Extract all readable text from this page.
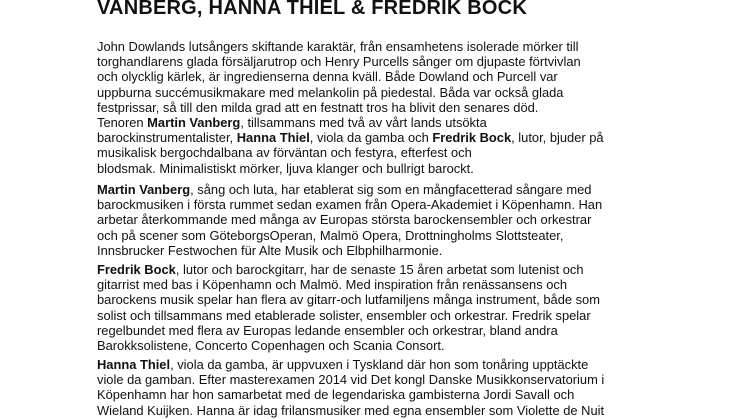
VANBERG, HANNA THIEL & FREDRIK BOCK

John Dowlands lutsångers skiftande karaktär, från ensamhetens isolerade mörker till
torghandlarens glada försäljarutrop och Henry Purcells sånger om djupaste förtvivlan
och olycklig kärlek, är ingredienserna denna kväll. Både Dowland och Purcell var
uppburna succémusikmakare med melankolin på piedestal. Båda var också glada
festprissar, så till den milda grad att en festnatt tros ha blivit den senares död.
Tenoren Martin Vanberg, tillsammans med två av vårt lands utsökta
barockinstrumentalister, Hanna Thiel, viola da gamba och Fredrik Bock, lutor, bjuder på
musikalisk bergochdalbana av förväntan och festyra, efterfest och
blodsmak. Minimalistiskt mörker, ljuva klanger och bullrigt barockt.

Martin Vanberg, sång och luta, har etablerat sig som en mångfacetterad sångare med
barockmusiken i första rummet sedan examen från Opera-Akademiet i Köpenhamn. Han
arbetar återkommande med många av Europas största barockensembler och orkestrar
och på scener som GöteborgsOperan, Malmö Opera, Drottningholms Slottsteater,
Innsbrucker Festwochen für Alte Musik och Elbphilharmonie.

Fredrik Bock, lutor och barockgitarr, har de senaste 15 åren arbetat som lutenist och
gitarrist med bas i Köpenhamn och Malmö. Med inspiration från renässansens och
barockens musik spelar han flera av gitarr-och lutfamiljens många instrument, både som
solist och tillsammans med etablerade solister, ensembler och orkestrar. Fredrik spelar
regelbundet med flera av Europas ledande ensembler och orkestrar, bland andra
Barokksolistene, Concerto Copenhagen och Scania Consort.

Hanna Thiel, viola da gamba, är uppvuxen i Tyskland där hon som tonåring upptäckte
viole da gamban. Efter masterexamen 2014 vid Det kongl Danske Musikkonservatorium i
Köpenhamn har hon samarbetat med de legendariska gambisterna Jordi Savall och
Wieland Kuijken. Hanna är idag frilansmusiker med egna ensembler som Violette de Nuit
